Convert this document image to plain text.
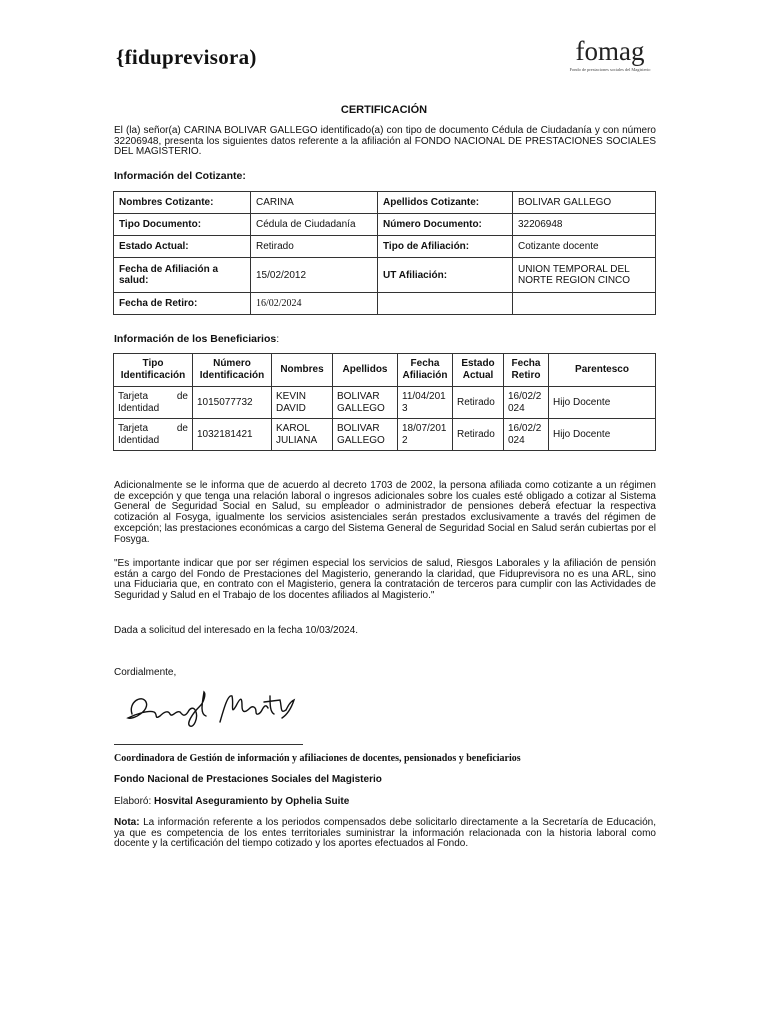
{fiduprevisora)	fomag
Fondo de prestaciones sociales del Magisterio
CERTIFICACIÓN
El (la) señor(a) CARINA BOLIVAR GALLEGO identificado(a) con tipo de documento Cédula de Ciudadanía y con número 32206948, presenta los siguientes datos referente a la afiliación al FONDO NACIONAL DE PRESTACIONES SOCIALES DEL MAGISTERIO.
Información del Cotizante:
Nombres Cotizante:	CARINA	Apellidos Cotizante:	BOLIVAR GALLEGO
Tipo Documento:	Cédula de Ciudadanía	Número Documento:	32206948
Estado Actual:	Retirado	Tipo de Afiliación:	Cotizante docente
Fecha de Afiliación a salud:	15/02/2012	UT Afiliación:	UNION TEMPORAL DEL NORTE REGION CINCO
Fecha de Retiro:	16/02/2024		
Información de los Beneficiarios:
Tipo Identificación	Número Identificación	Nombres	Apellidos	Fecha Afiliación	Estado Actual	Fecha Retiro	Parentesco
Tarjeta de Identidad	1015077732	KEVIN DAVID	BOLIVAR GALLEGO	11/04/2013	Retirado	16/02/2024	Hijo Docente
Tarjeta de Identidad	1032181421	KAROL JULIANA	BOLIVAR GALLEGO	18/07/2012	Retirado	16/02/2024	Hijo Docente
Adicionalmente se le informa que de acuerdo al decreto 1703 de 2002, la persona afiliada como cotizante a un régimen de excepción y que tenga una relación laboral o ingresos adicionales sobre los cuales esté obligado a cotizar al Sistema General de Seguridad Social en Salud, su empleador o administrador de pensiones deberá efectuar la respectiva cotización al Fosyga, igualmente los servicios asistenciales serán prestados exclusivamente a través del régimen de excepción; las prestaciones económicas a cargo del Sistema General de Seguridad Social en Salud serán cubiertas por el Fosyga.
"Es importante indicar que por ser régimen especial los servicios de salud, Riesgos Laborales y la afiliación de pensión están a cargo del Fondo de Prestaciones del Magisterio, generando la claridad, que Fiduprevisora no es una ARL, sino una Fiduciaria que, en contrato con el Magisterio, genera la contratación de terceros para cumplir con las Actividades de Seguridad y Salud en el Trabajo de los docentes afiliados al Magisterio."
Dada a solicitud del interesado en la fecha 10/03/2024.
Cordialmente,
Coordinadora de Gestión de información y afiliaciones de docentes, pensionados y beneficiarios
Fondo Nacional de Prestaciones Sociales del Magisterio
Elaboró: Hosvital Aseguramiento by Ophelia Suite
Nota: La información referente a los periodos compensados debe solicitarlo directamente a la Secretaría de Educación, ya que es competencia de los entes territoriales suministrar la información relacionada con la historia laboral como docente y la certificación del tiempo cotizado y los aportes efectuados al Fondo.
